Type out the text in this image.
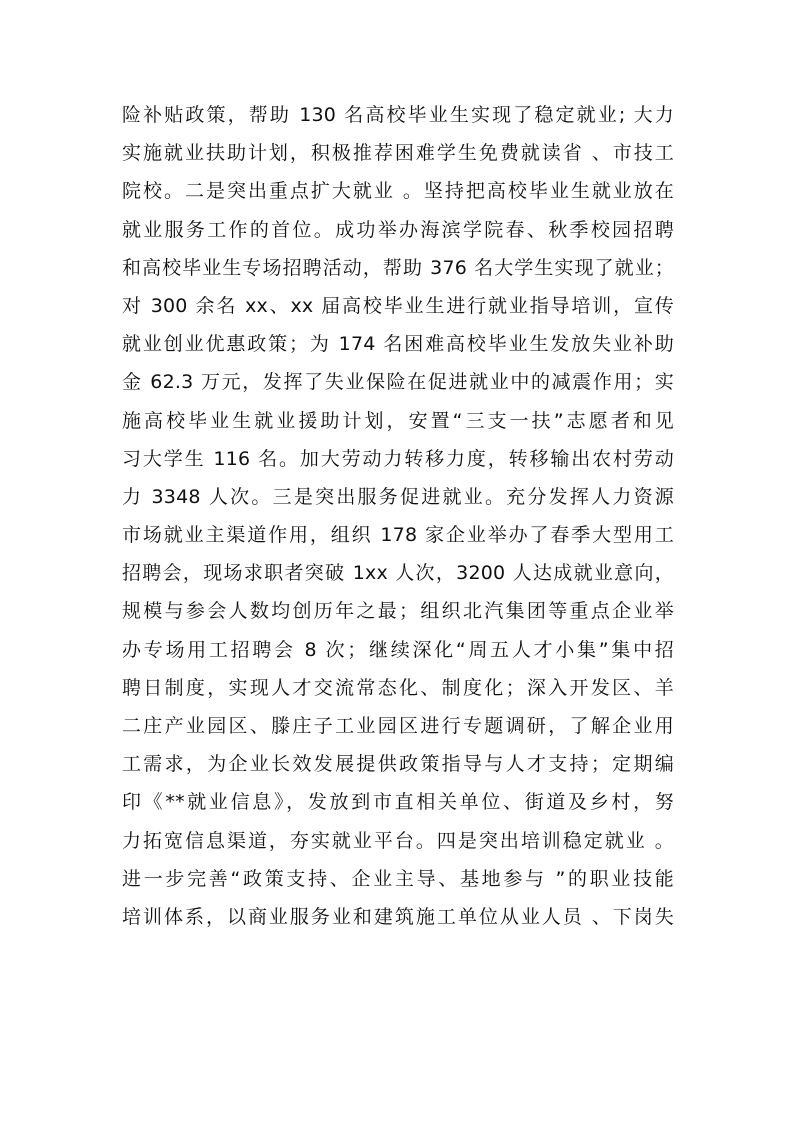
险补贴政策，帮助 130 名高校毕业生实现了稳定就业; 大力
实施就业扶助计划，积极推荐困难学生免费就读省 、市技工
院校。二是突出重点扩大就业 。坚持把高校毕业生就业放在
就业服务工作的首位。成功举办海滨学院春、秋季校园招聘
和高校毕业生专场招聘活动，帮助 376 名大学生实现了就业；
对 300 余名 xx、xx 届高校毕业生进行就业指导培训，宣传
就业创业优惠政策；为 174 名困难高校毕业生发放失业补助
金 62.3 万元，发挥了失业保险在促进就业中的减震作用；实
施高校毕业生就业援助计划，安置“三支一扶”志愿者和见
习大学生 116 名。加大劳动力转移力度，转移输出农村劳动
力 3348 人次。三是突出服务促进就业。充分发挥人力资源
市场就业主渠道作用，组织 178 家企业举办了春季大型用工
招聘会，现场求职者突破 1xx 人次，3200 人达成就业意向，
规模与参会人数均创历年之最；组织北汽集团等重点企业举
办专场用工招聘会 8 次；继续深化“周五人才小集”集中招
聘日制度，实现人才交流常态化、制度化；深入开发区、羊
二庄产业园区、滕庄子工业园区进行专题调研，了解企业用
工需求，为企业长效发展提供政策指导与人才支持；定期编
印《**就业信息》，发放到市直相关单位、街道及乡村，努
力拓宽信息渠道，夯实就业平台。四是突出培训稳定就业 。
进一步完善“政策支持、企业主导、基地参与 ”的职业技能
培训体系，以商业服务业和建筑施工单位从业人员 、下岗失
